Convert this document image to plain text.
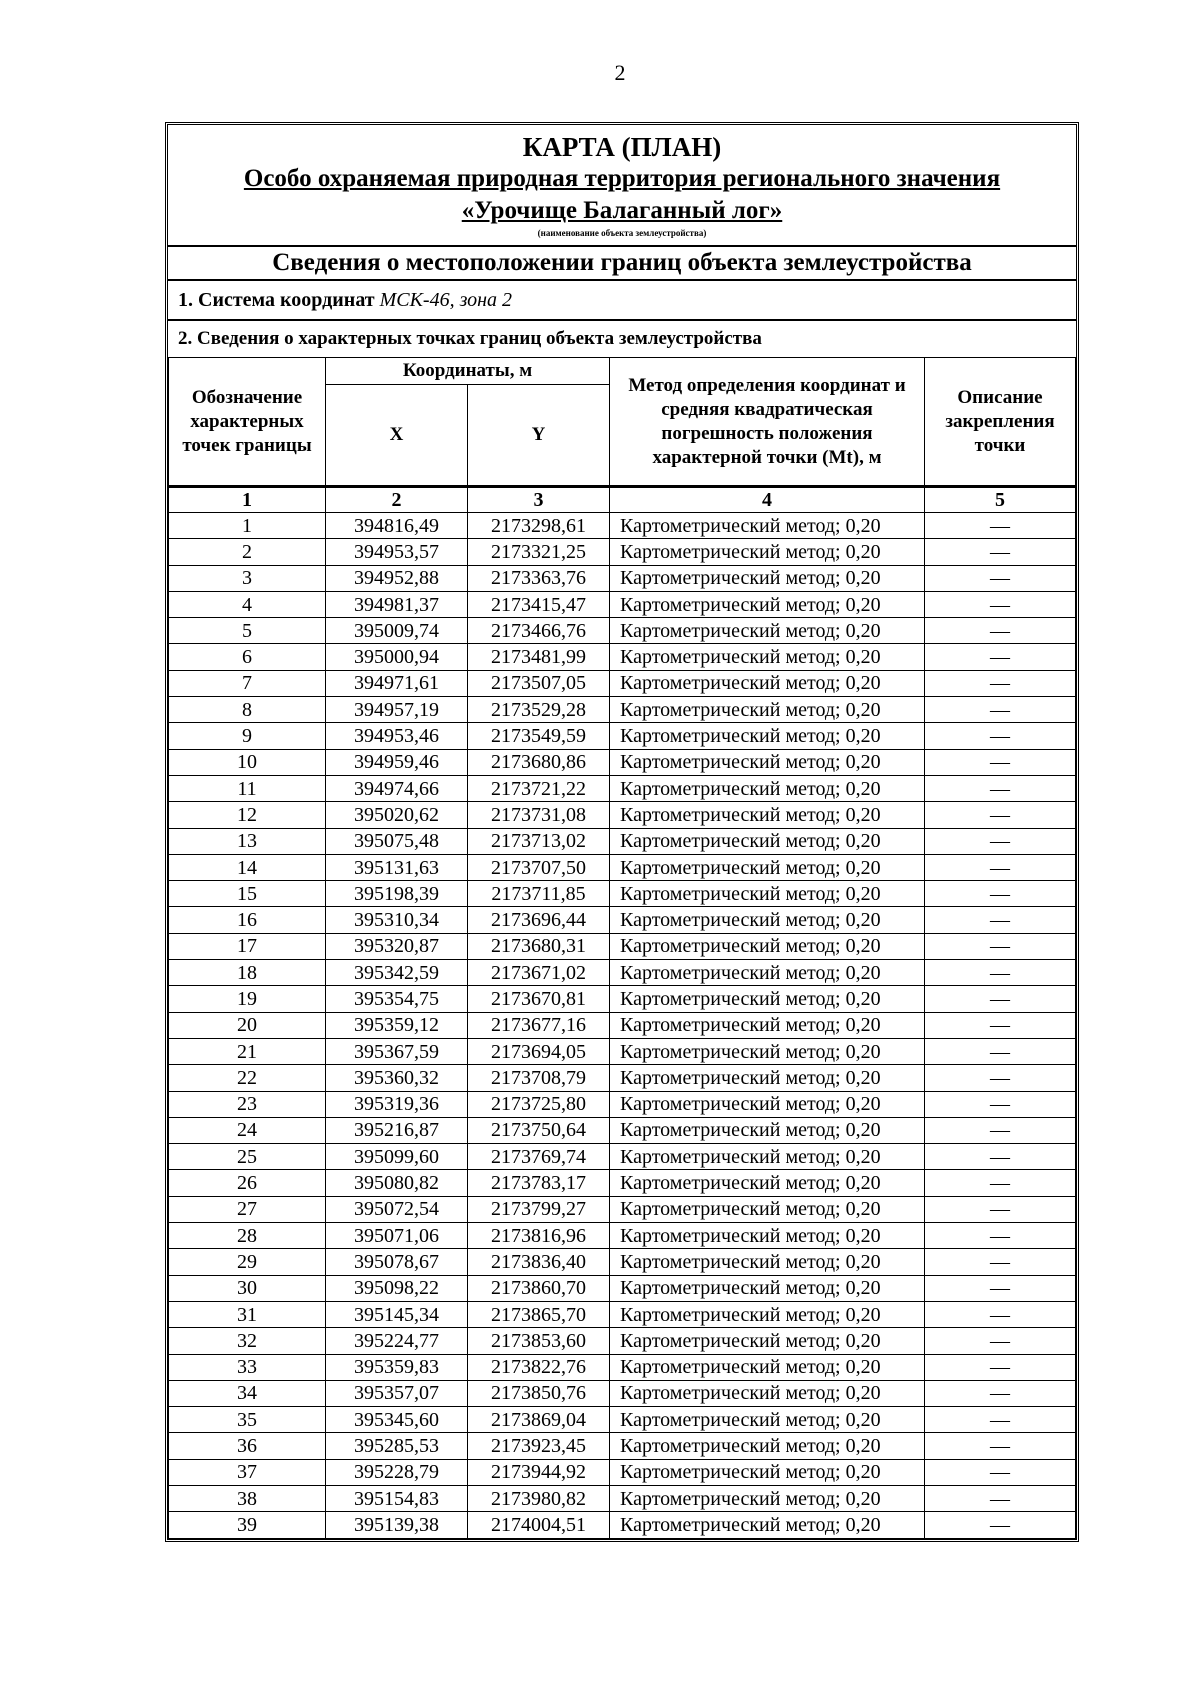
2
КАРТА (ПЛАН)
Особо охраняемая природная территория регионального значения
«Урочище Балаганный лог»
(наименование объекта землеустройства)
Сведения о местоположении границ объекта землеустройства
1. Система координат МСК-46, зона 2
2. Сведения о характерных точках границ объекта землеустройства
Обозначение характерных точек границы	Координаты, м		Метод определения координат и средняя квадратическая погрешность положения характерной точки (Mt), м	Описание закрепления точки
	X	Y		
1	2	3	4	5
1	394816,49	2173298,61	Картометрический метод; 0,20	—
2	394953,57	2173321,25	Картометрический метод; 0,20	—
3	394952,88	2173363,76	Картометрический метод; 0,20	—
4	394981,37	2173415,47	Картометрический метод; 0,20	—
5	395009,74	2173466,76	Картометрический метод; 0,20	—
6	395000,94	2173481,99	Картометрический метод; 0,20	—
7	394971,61	2173507,05	Картометрический метод; 0,20	—
8	394957,19	2173529,28	Картометрический метод; 0,20	—
9	394953,46	2173549,59	Картометрический метод; 0,20	—
10	394959,46	2173680,86	Картометрический метод; 0,20	—
11	394974,66	2173721,22	Картометрический метод; 0,20	—
12	395020,62	2173731,08	Картометрический метод; 0,20	—
13	395075,48	2173713,02	Картометрический метод; 0,20	—
14	395131,63	2173707,50	Картометрический метод; 0,20	—
15	395198,39	2173711,85	Картометрический метод; 0,20	—
16	395310,34	2173696,44	Картометрический метод; 0,20	—
17	395320,87	2173680,31	Картометрический метод; 0,20	—
18	395342,59	2173671,02	Картометрический метод; 0,20	—
19	395354,75	2173670,81	Картометрический метод; 0,20	—
20	395359,12	2173677,16	Картометрический метод; 0,20	—
21	395367,59	2173694,05	Картометрический метод; 0,20	—
22	395360,32	2173708,79	Картометрический метод; 0,20	—
23	395319,36	2173725,80	Картометрический метод; 0,20	—
24	395216,87	2173750,64	Картометрический метод; 0,20	—
25	395099,60	2173769,74	Картометрический метод; 0,20	—
26	395080,82	2173783,17	Картометрический метод; 0,20	—
27	395072,54	2173799,27	Картометрический метод; 0,20	—
28	395071,06	2173816,96	Картометрический метод; 0,20	—
29	395078,67	2173836,40	Картометрический метод; 0,20	—
30	395098,22	2173860,70	Картометрический метод; 0,20	—
31	395145,34	2173865,70	Картометрический метод; 0,20	—
32	395224,77	2173853,60	Картометрический метод; 0,20	—
33	395359,83	2173822,76	Картометрический метод; 0,20	—
34	395357,07	2173850,76	Картометрический метод; 0,20	—
35	395345,60	2173869,04	Картометрический метод; 0,20	—
36	395285,53	2173923,45	Картометрический метод; 0,20	—
37	395228,79	2173944,92	Картометрический метод; 0,20	—
38	395154,83	2173980,82	Картометрический метод; 0,20	—
39	395139,38	2174004,51	Картометрический метод; 0,20	—
